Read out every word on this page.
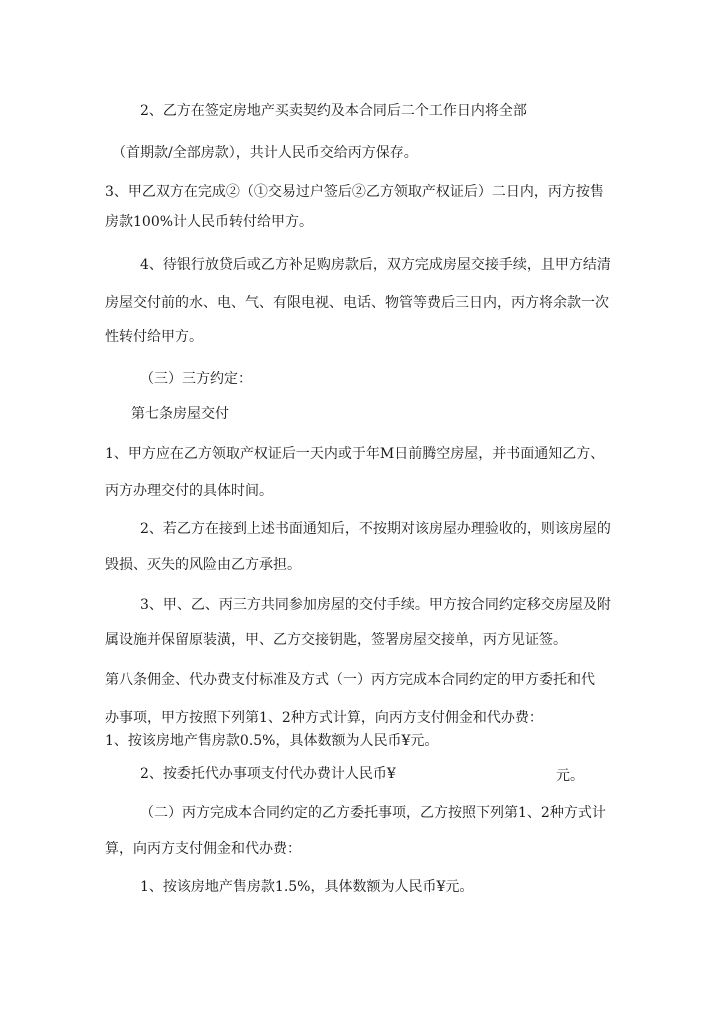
2、乙方在签定房地产买卖契约及本合同后二个工作日内将全部
（首期款/全部房款），共计人民币交给丙方保存。
3、甲乙双方在完成②（①交易过户签后②乙方领取产权证后）二日内，丙方按售
房款100%计人民币转付给甲方。
4、待银行放贷后或乙方补足购房款后，双方完成房屋交接手续，且甲方结清
房屋交付前的水、电、气、有限电视、电话、物管等费后三日内，丙方将余款一次
性转付给甲方。
（三）三方约定：
第七条房屋交付
1、甲方应在乙方领取产权证后一天内或于年M日前腾空房屋，并书面通知乙方、
丙方办理交付的具体时间。
2、若乙方在接到上述书面通知后，不按期对该房屋办理验收的，则该房屋的
毁损、灭失的风险由乙方承担。
3、甲、乙、丙三方共同参加房屋的交付手续。甲方按合同约定移交房屋及附
属设施并保留原装潢，甲、乙方交接钥匙，签署房屋交接单，丙方见证签。
第八条佣金、代办费支付标准及方式（一）丙方完成本合同约定的甲方委托和代
办事项，甲方按照下列第1、2种方式计算，向丙方支付佣金和代办费：
1、按该房地产售房款0.5%，具体数额为人民币¥元。
2、按委托代办事项支付代办费计人民币¥	元。
（二）丙方完成本合同约定的乙方委托事项，乙方按照下列第1、2种方式计
算，向丙方支付佣金和代办费：
1、按该房地产售房款1.5%，具体数额为人民币¥元。
